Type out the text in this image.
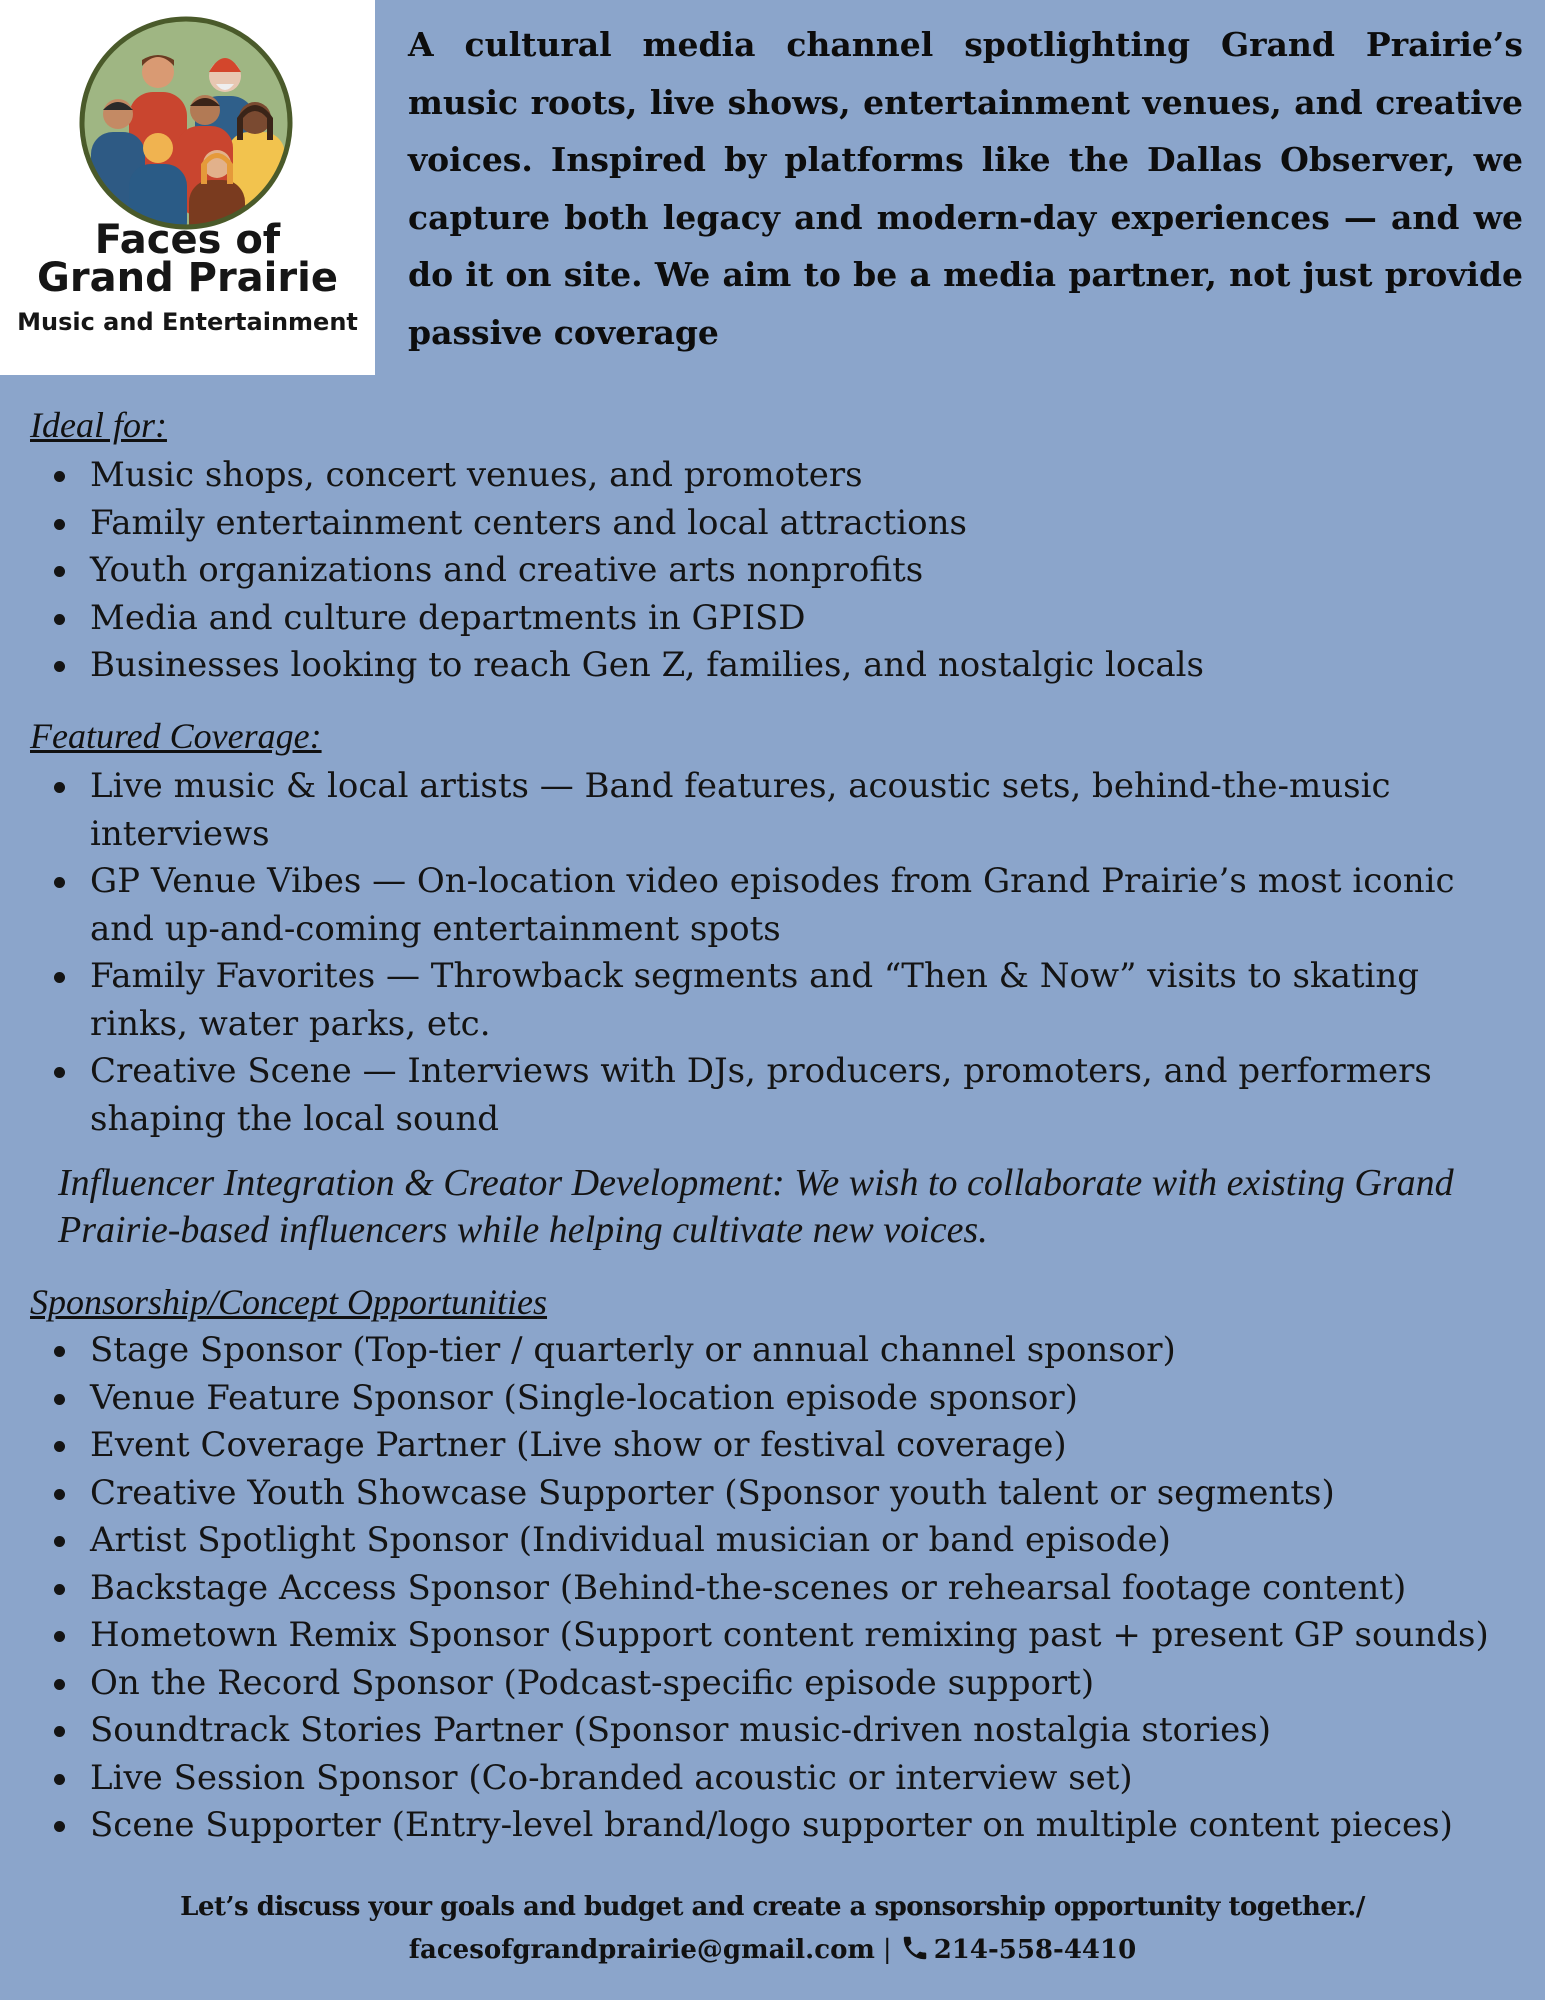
Faces of
Grand Prairie
Music and Entertainment

A cultural media channel spotlighting Grand Prairie’s music roots, live shows, entertainment venues, and creative voices. Inspired by platforms like the Dallas Observer, we capture both legacy and modern-day experiences — and we do it on site. We aim to be a media partner, not just provide passive coverage

Ideal for:
Music shops, concert venues, and promoters
Family entertainment centers and local attractions
Youth organizations and creative arts nonprofits
Media and culture departments in GPISD
Businesses looking to reach Gen Z, families, and nostalgic locals
Featured Coverage:
Live music & local artists — Band features, acoustic sets, behind-the-music interviews
GP Venue Vibes — On-location video episodes from Grand Prairie’s most iconic and up-and-coming entertainment spots
Family Favorites — Throwback segments and “Then & Now” visits to skating rinks, water parks, etc.
Creative Scene — Interviews with DJs, producers, promoters, and performers shaping the local sound

Influencer Integration & Creator Development: We wish to collaborate with existing Grand Prairie-based influencers while helping cultivate new voices.

Sponsorship/Concept Opportunities
Stage Sponsor (Top-tier / quarterly or annual channel sponsor)
Venue Feature Sponsor (Single-location episode sponsor)
Event Coverage Partner (Live show or festival coverage)
Creative Youth Showcase Supporter (Sponsor youth talent or segments)
Artist Spotlight Sponsor (Individual musician or band episode)
Backstage Access Sponsor (Behind-the-scenes or rehearsal footage content)
Hometown Remix Sponsor (Support content remixing past + present GP sounds)
On the Record Sponsor (Podcast-specific episode support)
Soundtrack Stories Partner (Sponsor music-driven nostalgia stories)
Live Session Sponsor (Co-branded acoustic or interview set)
Scene Supporter (Entry-level brand/logo supporter on multiple content pieces)
Let’s discuss your goals and budget and create a sponsorship opportunity together./
facesofgrandprairie@gmail.com | 214-558-4410
